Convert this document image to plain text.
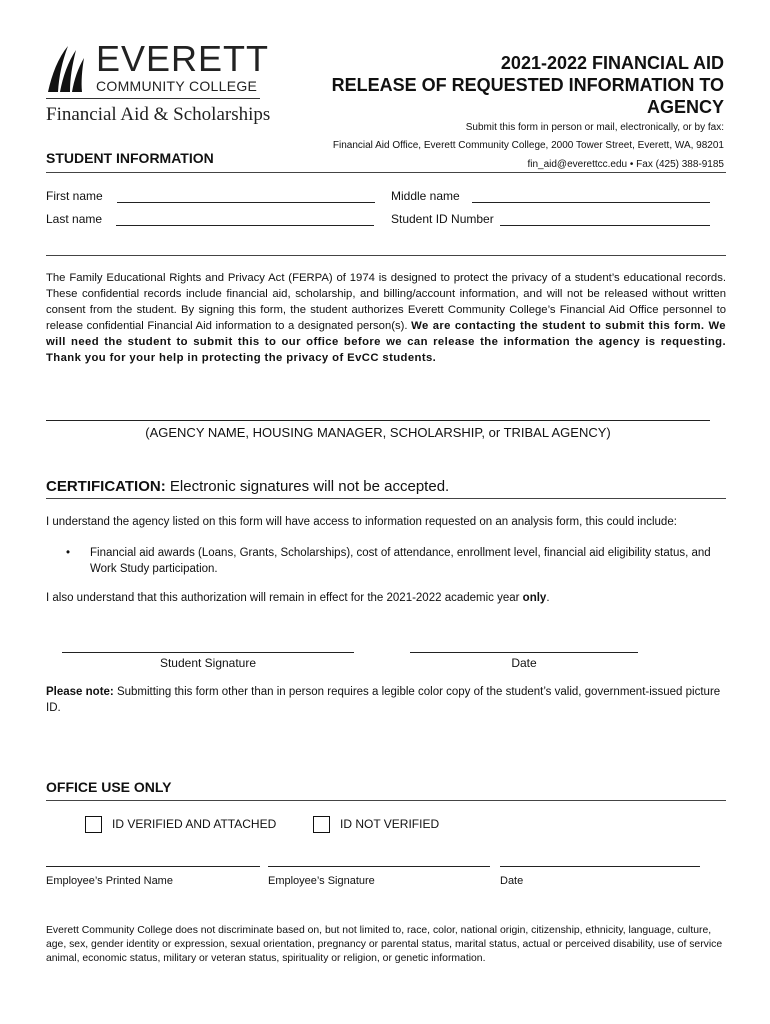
EVERETT
COMMUNITY COLLEGE
Financial Aid & Scholarships
2021-2022 FINANCIAL AID
RELEASE OF REQUESTED INFORMATION TO
AGENCY
Submit this form in person or mail, electronically, or by fax:
Financial Aid Office, Everett Community College, 2000 Tower Street, Everett, WA, 98201
fin_aid@everettcc.edu • Fax (425) 388-9185
STUDENT INFORMATION
First name	Middle name
Last name	Student ID Number
The Family Educational Rights and Privacy Act (FERPA) of 1974 is designed to protect the privacy of a student’s educational records. These confidential records include financial aid, scholarship, and billing/account information, and will not be released without written consent from the student. By signing this form, the student authorizes Everett Community College’s Financial Aid Office personnel to release confidential Financial Aid information to a designated person(s). We are contacting the student to submit this form. We will need the student to submit this to our office before we can release the information the agency is requesting. Thank you for your help in protecting the privacy of EvCC students.
(AGENCY NAME, HOUSING MANAGER, SCHOLARSHIP, or TRIBAL AGENCY)
CERTIFICATION: Electronic signatures will not be accepted.
I understand the agency listed on this form will have access to information requested on an analysis form, this could include:
• Financial aid awards (Loans, Grants, Scholarships), cost of attendance, enrollment level, financial aid eligibility status, and Work Study participation.
I also understand that this authorization will remain in effect for the 2021-2022 academic year only.
Student Signature	Date
Please note: Submitting this form other than in person requires a legible color copy of the student’s valid, government-issued picture ID.
OFFICE USE ONLY
ID VERIFIED AND ATTACHED	ID NOT VERIFIED
Employee’s Printed Name	Employee’s Signature	Date
Everett Community College does not discriminate based on, but not limited to, race, color, national origin, citizenship, ethnicity, language, culture, age, sex, gender identity or expression, sexual orientation, pregnancy or parental status, marital status, actual or perceived disability, use of service animal, economic status, military or veteran status, spirituality or religion, or genetic information.
